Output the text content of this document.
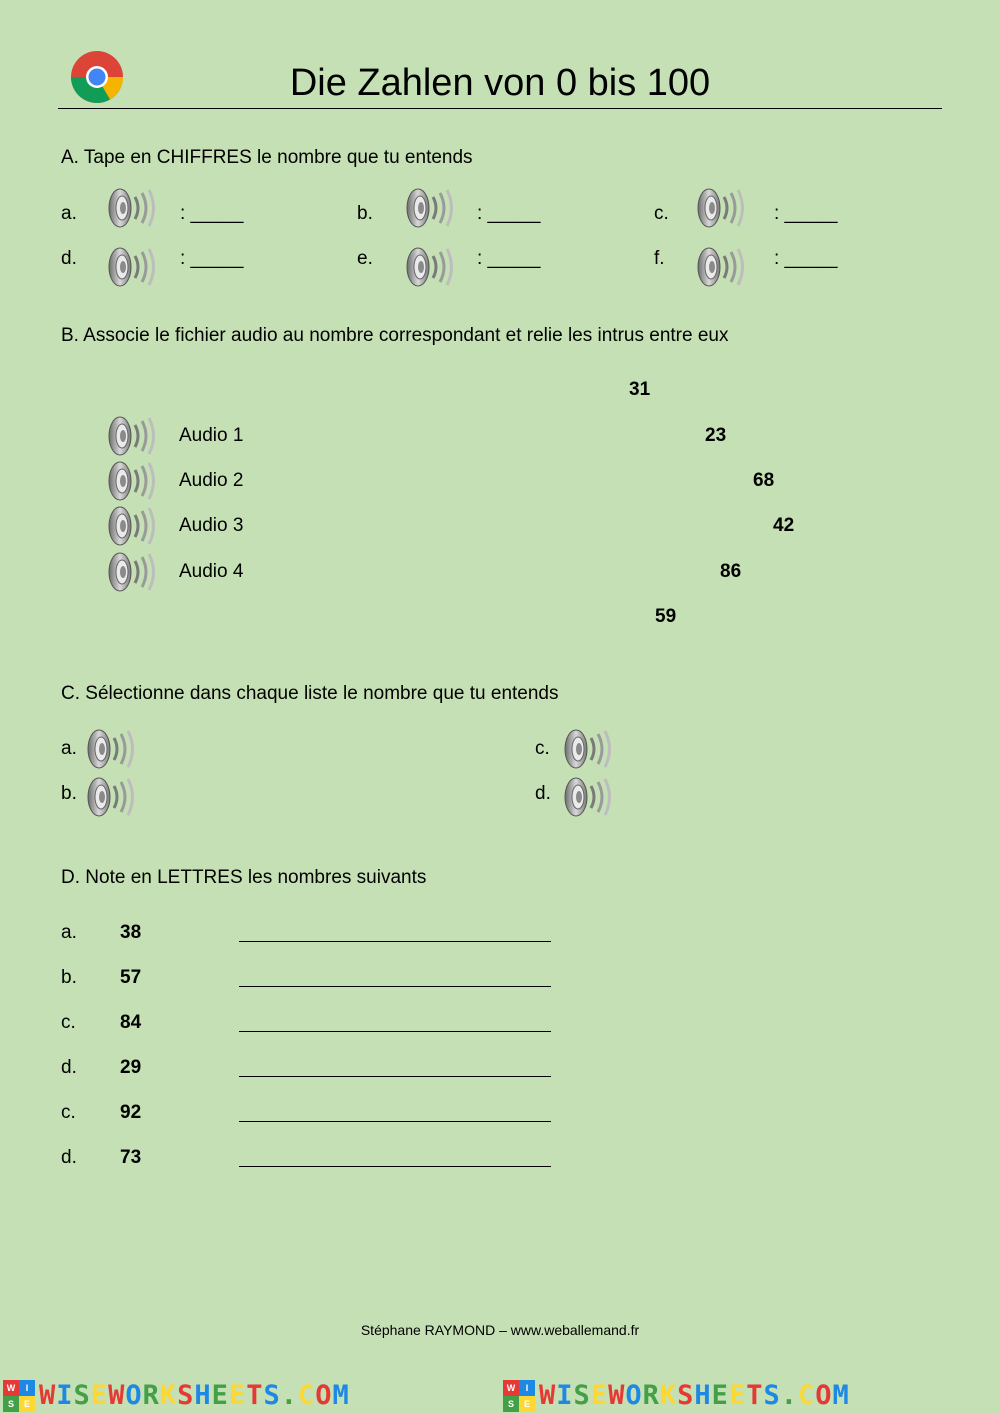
Die Zahlen von 0 bis 100
A. Tape en CHIFFRES le nombre que tu entends
a.	: _____	b.	: _____	c.	: _____
d.	: _____	e.	: _____	f.	: _____
B. Associe le fichier audio au nombre correspondant et relie les intrus entre eux
Audio 1
Audio 2
Audio 3
Audio 4
31
23
68
42
86
59
C. Sélectionne dans chaque liste le nombre que tu entends
a.
b.
c.
d.
D. Note en LETTRES les nombres suivants
a. 38
b. 57
c. 84
d. 29
c. 92
d. 73
Stéphane RAYMOND – www.weballemand.fr
W	I
S	E WISEWORKSHEETS.COM	W	I
S	E WISEWORKSHEETS.COM
